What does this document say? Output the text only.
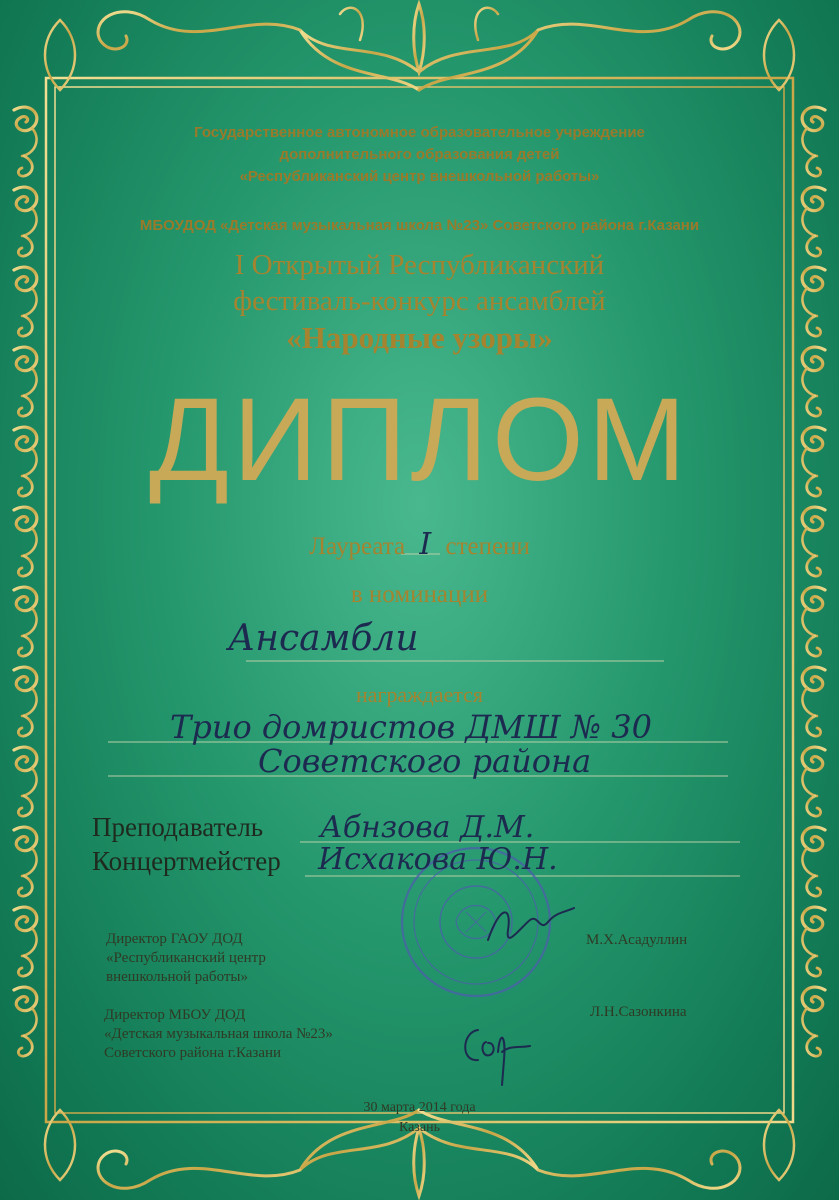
Государственное автономное образовательное учреждение
дополнительного образования детей
«Республиканский центр внешкольной работы»
МБОУДОД «Детская музыкальная школа №23» Советского района г.Казани
I Открытый Республиканский
фестиваль-конкурс ансамблей
«Народные узоры»
ДИПЛОМ
Лауреата I степени
в номинации
Ансамбли
награждается
Трио домристов ДМШ № 30
Советского района
Преподаватель Абнзова Д.М.
Концертмейстер Исхакова Ю.Н.
Директор ГАОУ ДОД
«Республиканский центр
внешкольной работы»
М.Х.Асадуллин
Директор МБОУ ДОД
«Детская музыкальная школа №23»
Советского района г.Казани
Л.Н.Сазонкина
30 марта 2014 года
Казань
